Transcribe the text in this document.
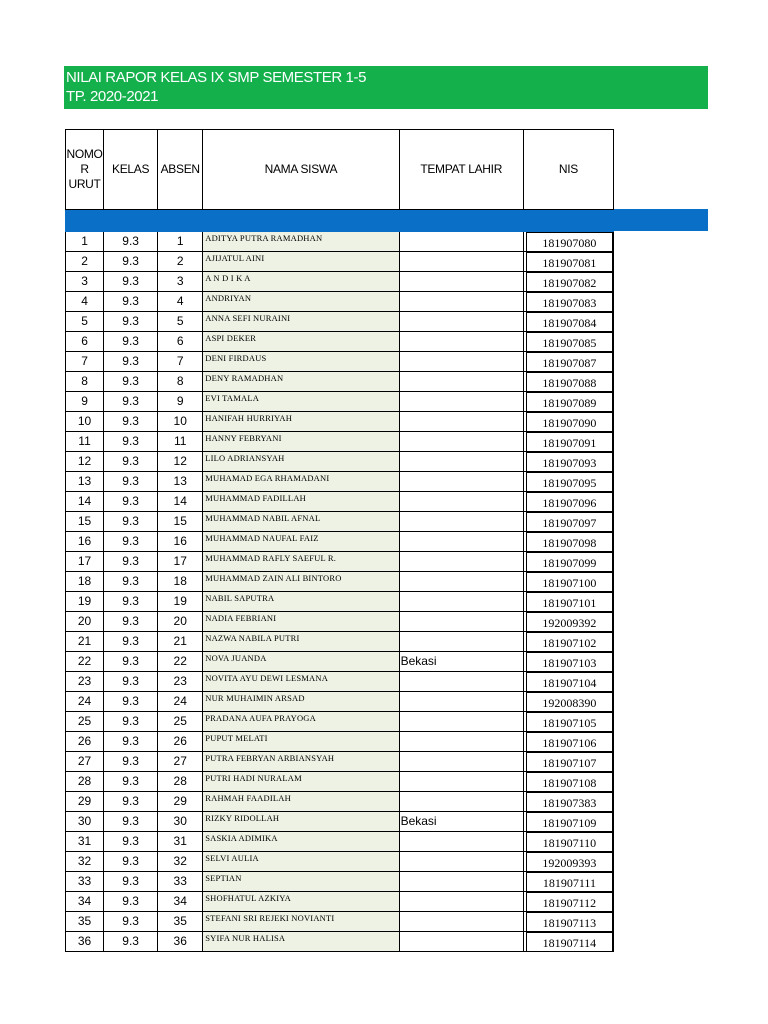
NILAI RAPOR KELAS IX SMP SEMESTER 1-5
TP. 2020-2021
NOMO R URUT	KELAS	ABSEN	NAMA SISWA	TEMPAT LAHIR	NIS

1	9.3	1	ADITYA PUTRA RAMADHAN		181907080

2	9.3	2	AJIJATUL AINI		181907081

3	9.3	3	A N D I K A		181907082

4	9.3	4	ANDRIYAN		181907083

5	9.3	5	ANNA SEFI NURAINI		181907084

6	9.3	6	ASPI DEKER		181907085

7	9.3	7	DENI FIRDAUS		181907087

8	9.3	8	DENY RAMADHAN		181907088

9	9.3	9	EVI TAMALA		181907089

10	9.3	10	HANIFAH HURRIYAH		181907090

11	9.3	11	HANNY FEBRYANI		181907091

12	9.3	12	LILO ADRIANSYAH		181907093

13	9.3	13	MUHAMAD EGA RHAMADANI		181907095

14	9.3	14	MUHAMMAD FADILLAH		181907096

15	9.3	15	MUHAMMAD NABIL AFNAL		181907097

16	9.3	16	MUHAMMAD NAUFAL FAIZ		181907098

17	9.3	17	MUHAMMAD RAFLY SAEFUL R.		181907099

18	9.3	18	MUHAMMAD ZAIN ALI BINTORO		181907100

19	9.3	19	NABIL SAPUTRA		181907101

20	9.3	20	NADIA FEBRIANI		192009392

21	9.3	21	NAZWA NABILA PUTRI		181907102

22	9.3	22	NOVA JUANDA	Bekasi	181907103

23	9.3	23	NOVITA AYU DEWI LESMANA		181907104

24	9.3	24	NUR MUHAIMIN ARSAD		192008390

25	9.3	25	PRADANA AUFA PRAYOGA		181907105

26	9.3	26	PUPUT MELATI		181907106

27	9.3	27	PUTRA FEBRYAN ARBIANSYAH		181907107

28	9.3	28	PUTRI HADI NURALAM		181907108

29	9.3	29	RAHMAH FAADILAH		181907383

30	9.3	30	RIZKY RIDOLLAH	Bekasi	181907109

31	9.3	31	SASKIA ADIMIKA		181907110

32	9.3	32	SELVI AULIA		192009393

33	9.3	33	SEPTIAN		181907111

34	9.3	34	SHOFHATUL AZKIYA		181907112

35	9.3	35	STEFANI SRI REJEKI NOVIANTI		181907113

36	9.3	36	SYIFA NUR HALISA		181907114
